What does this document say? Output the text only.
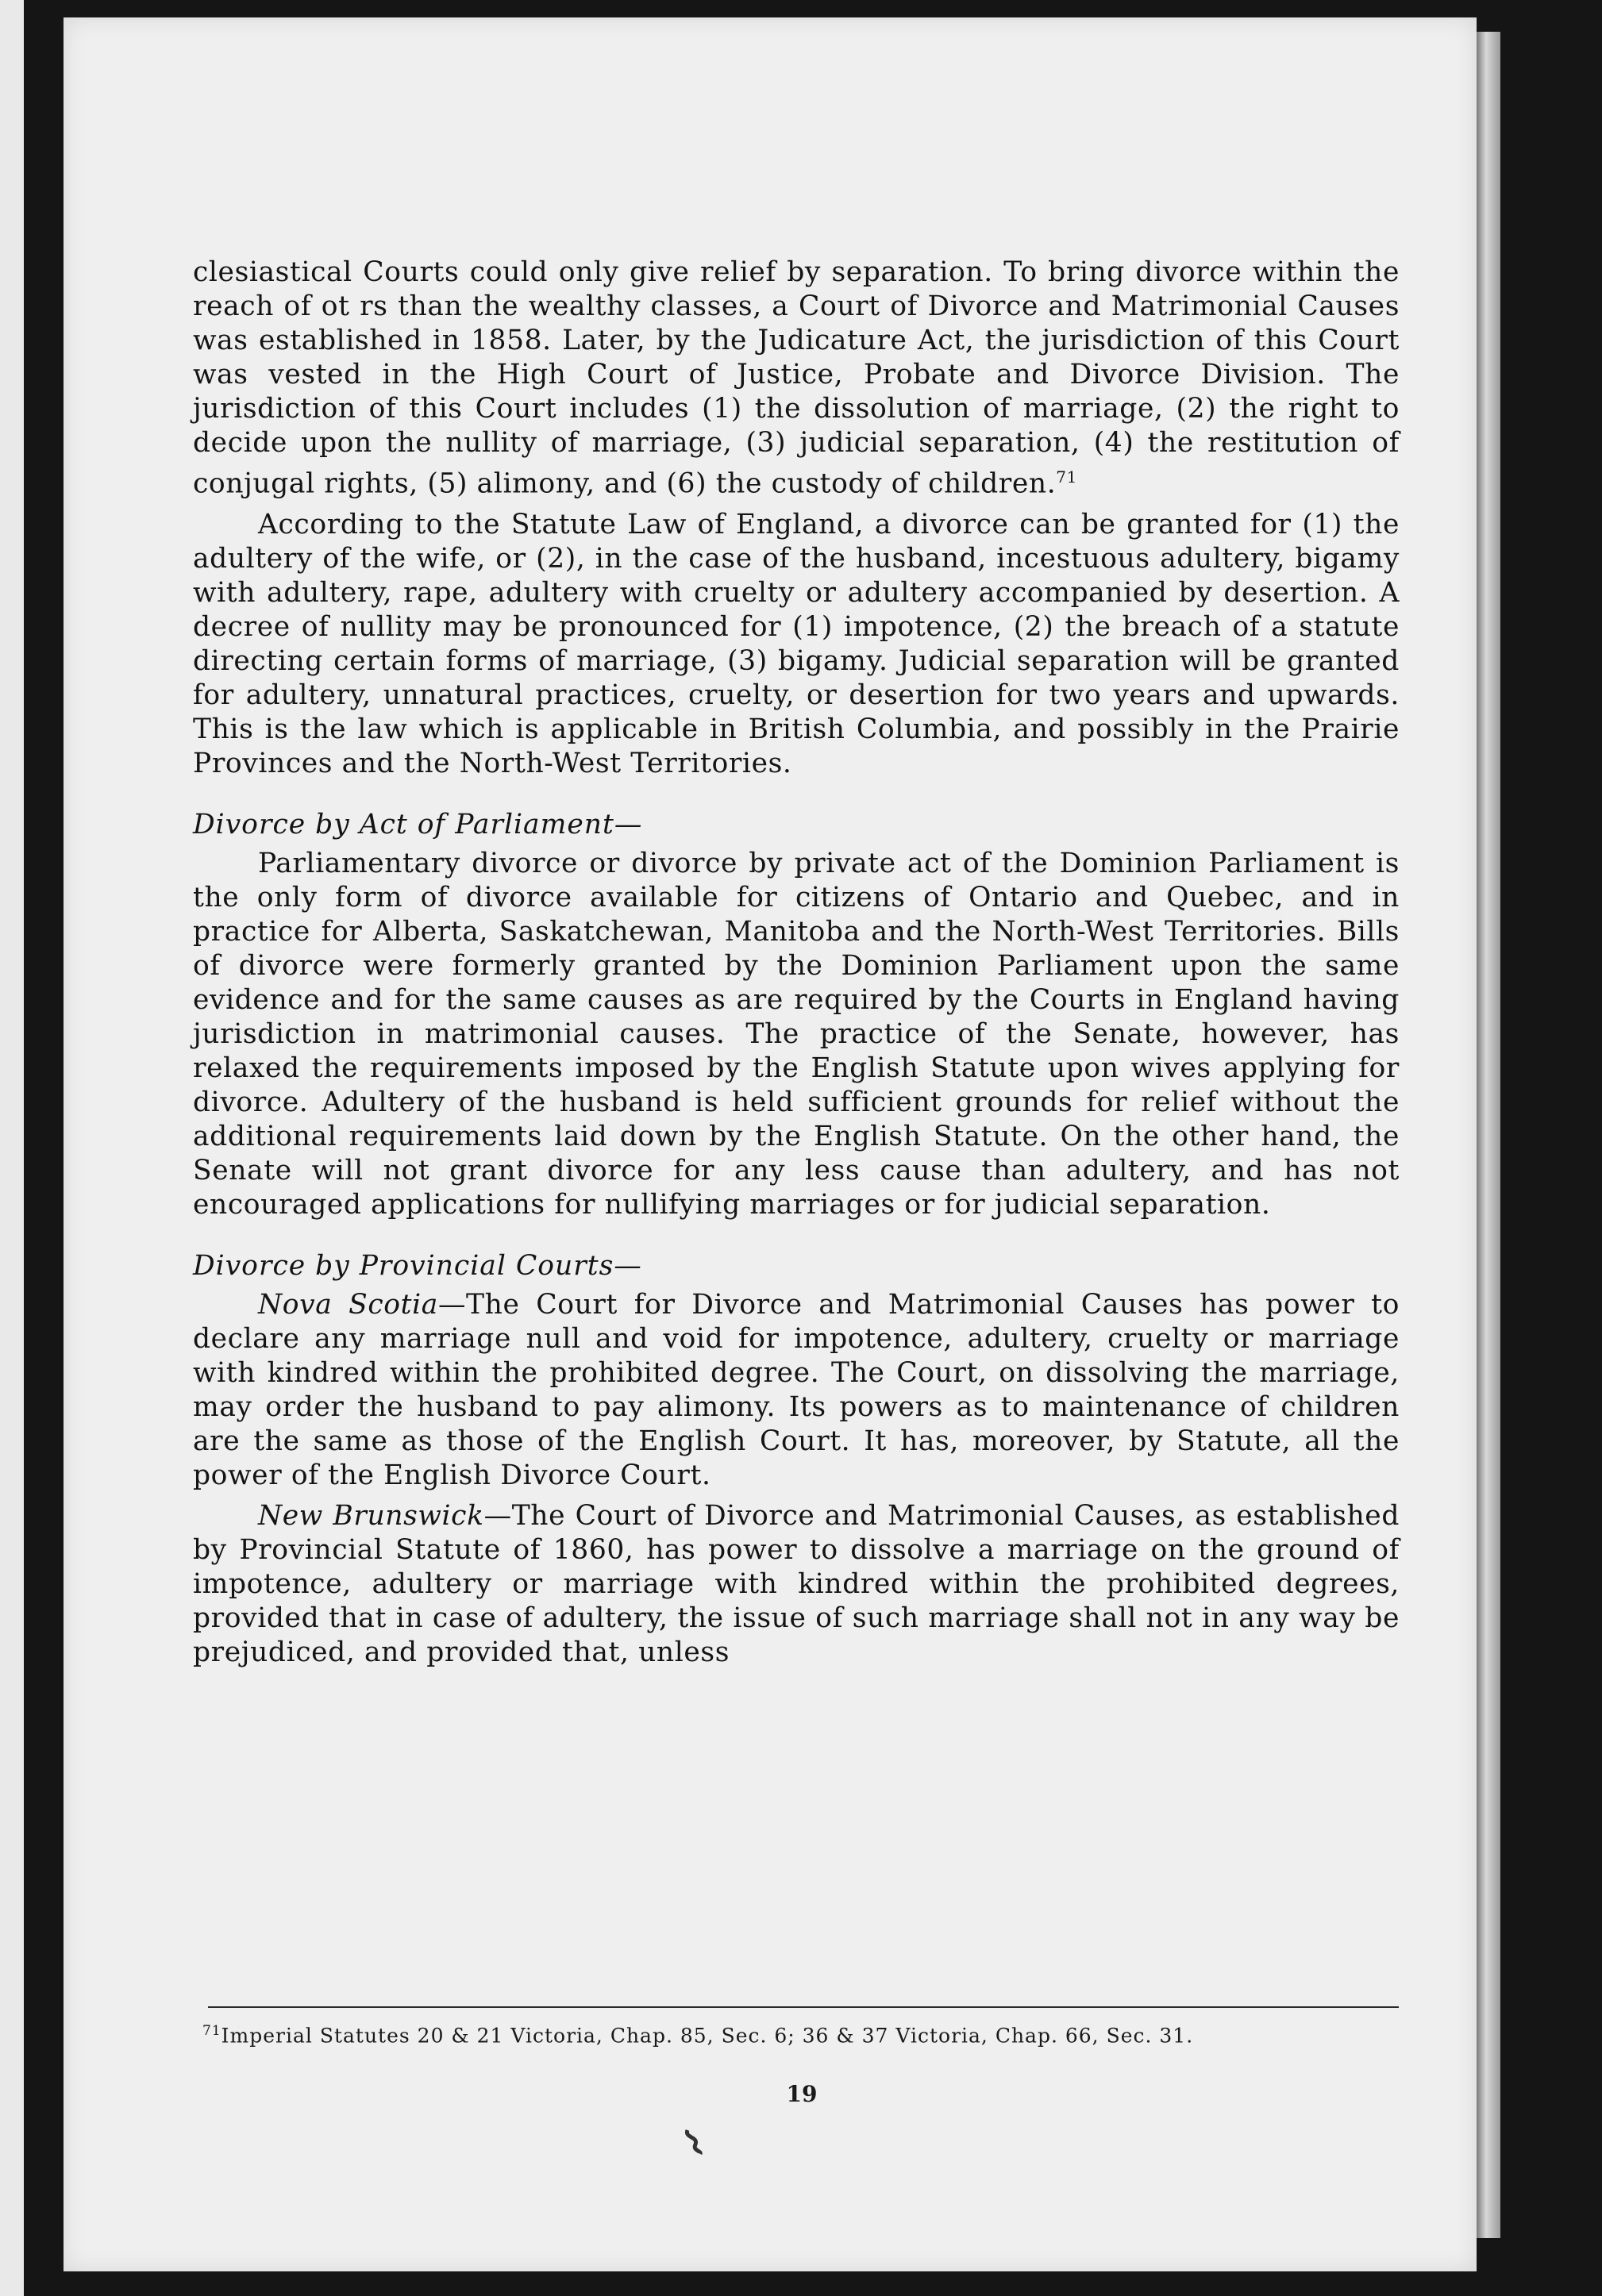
clesiastical Courts could only give relief by separation. To bring divorce within the reach of ot rs than the wealthy classes, a Court of Divorce and Matrimonial Causes was established in 1858. Later, by the Judicature Act, the jurisdiction of this Court was vested in the High Court of Justice, Probate and Divorce Division. The jurisdiction of this Court includes (1) the dissolution of marriage, (2) the right to decide upon the nullity of marriage, (3) judicial separation, (4) the restitution of conjugal rights, (5) alimony, and (6) the custody of children.$^{71}$

According to the Statute Law of England, a divorce can be granted for (1) the adultery of the wife, or (2), in the case of the husband, incestuous adultery, bigamy with adultery, rape, adultery with cruelty or adultery accompanied by desertion. A decree of nullity may be pronounced for (1) impotence, (2) the breach of a statute directing certain forms of marriage, (3) bigamy. Judicial separation will be granted for adultery, unnatural practices, cruelty, or desertion for two years and upwards. This is the law which is applicable in British Columbia, and possibly in the Prairie Provinces and the North-West Territories.

Divorce by Act of Parliament—

Parliamentary divorce or divorce by private act of the Dominion Parliament is the only form of divorce available for citizens of Ontario and Quebec, and in practice for Alberta, Saskatchewan, Manitoba and the North-West Territories. Bills of divorce were formerly granted by the Dominion Parliament upon the same evidence and for the same causes as are required by the Courts in England having jurisdiction in matrimonial causes. The practice of the Senate, however, has relaxed the requirements imposed by the English Statute upon wives applying for divorce. Adultery of the husband is held sufficient grounds for relief without the additional requirements laid down by the English Statute. On the other hand, the Senate will not grant divorce for any less cause than adultery, and has not encouraged applications for nullifying marriages or for judicial separation.

Divorce by Provincial Courts—

Nova Scotia—The Court for Divorce and Matrimonial Causes has power to declare any marriage null and void for impotence, adultery, cruelty or marriage with kindred within the prohibited degree. The Court, on dissolving the marriage, may order the husband to pay alimony. Its powers as to maintenance of children are the same as those of the English Court. It has, moreover, by Statute, all the power of the English Divorce Court.

New Brunswick—The Court of Divorce and Matrimonial Causes, as established by Provincial Statute of 1860, has power to dissolve a marriage on the ground of impotence, adultery or marriage with kindred within the prohibited degrees, provided that in case of adultery, the issue of such marriage shall not in any way be prejudiced, and provided that, unless

$^{71}$Imperial Statutes 20 & 21 Victoria, Chap. 85, Sec. 6; 36 & 37 Victoria, Chap. 66, Sec. 31.
19
